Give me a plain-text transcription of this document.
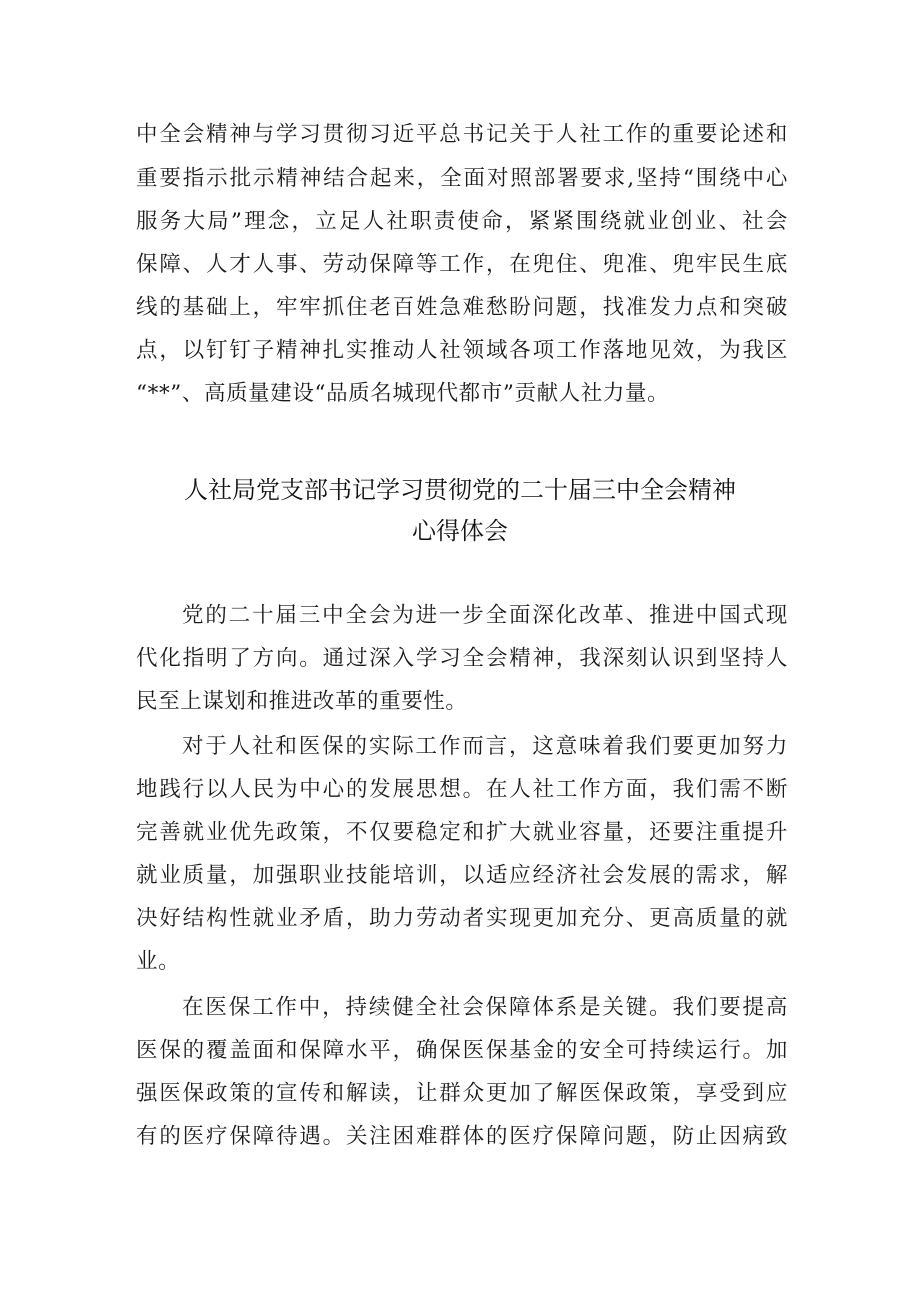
中全会精神与学习贯彻习近平总书记关于人社工作的重要论述和
重要指示批示精神结合起来，全面对照部署要求,坚持“围绕中心
服务大局”理念，立足人社职责使命，紧紧围绕就业创业、社会
保障、人才人事、劳动保障等工作，在兜住、兜准、兜牢民生底
线的基础上，牢牢抓住老百姓急难愁盼问题，找准发力点和突破
点，以钉钉子精神扎实推动人社领域各项工作落地见效，为我区
“**”、高质量建设“品质名城现代都市”贡献人社力量。
人社局党支部书记学习贯彻党的二十届三中全会精神
心得体会
党的二十届三中全会为进一步全面深化改革、推进中国式现
代化指明了方向。通过深入学习全会精神，我深刻认识到坚持人
民至上谋划和推进改革的重要性。
对于人社和医保的实际工作而言，这意味着我们要更加努力
地践行以人民为中心的发展思想。在人社工作方面，我们需不断
完善就业优先政策，不仅要稳定和扩大就业容量，还要注重提升
就业质量，加强职业技能培训，以适应经济社会发展的需求，解
决好结构性就业矛盾，助力劳动者实现更加充分、更高质量的就
业。
在医保工作中，持续健全社会保障体系是关键。我们要提高
医保的覆盖面和保障水平，确保医保基金的安全可持续运行。加
强医保政策的宣传和解读，让群众更加了解医保政策，享受到应
有的医疗保障待遇。关注困难群体的医疗保障问题，防止因病致
